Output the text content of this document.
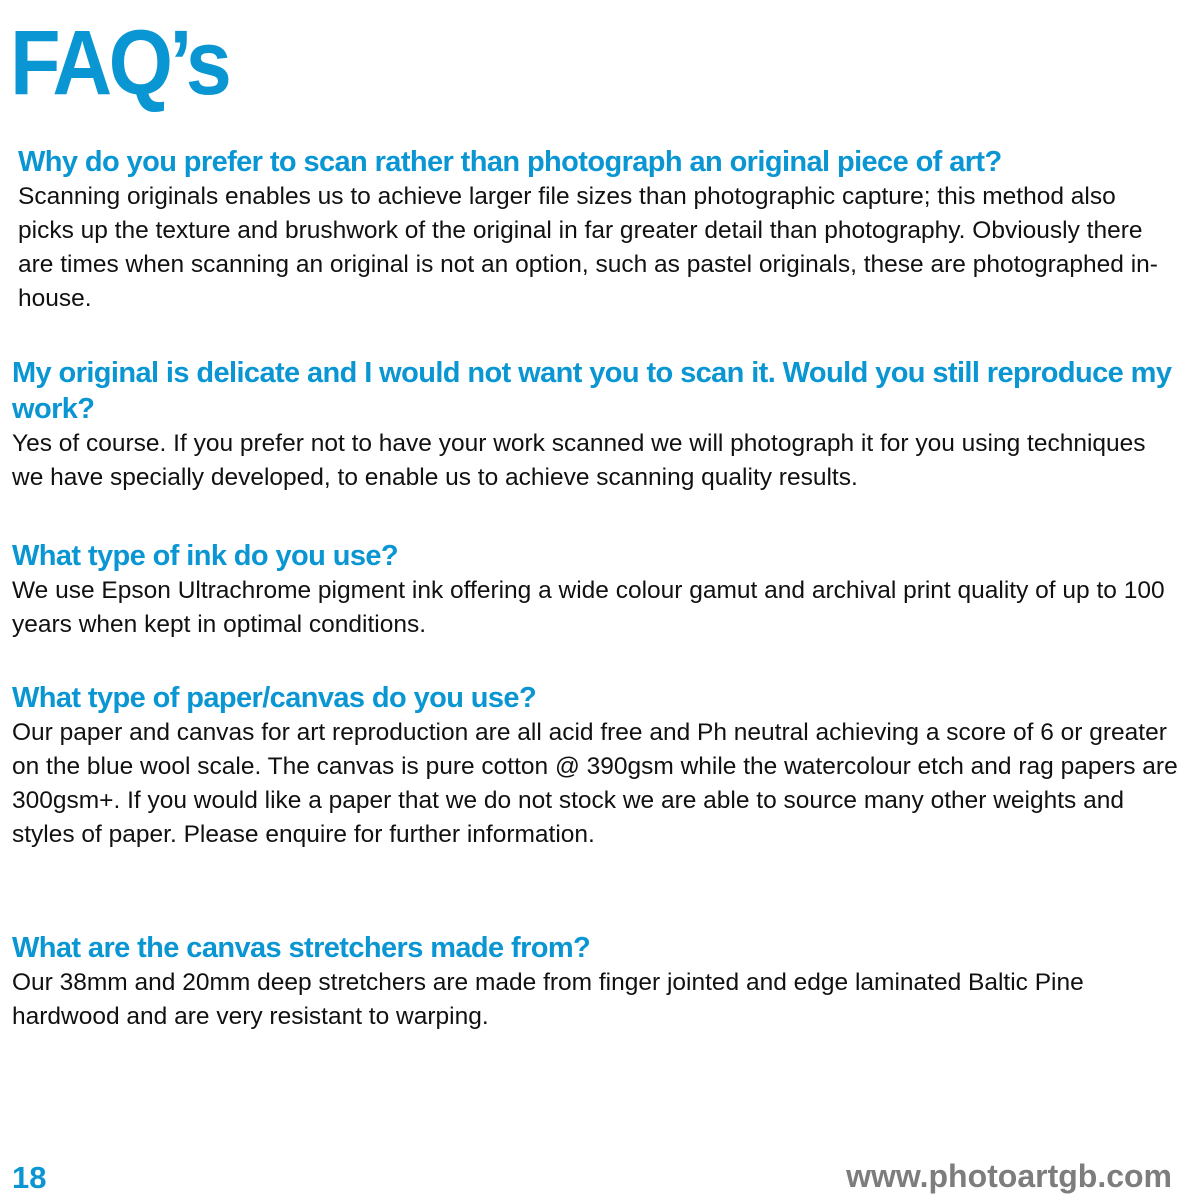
FAQ’s
Why do you prefer to scan rather than photograph an original piece of art?

Scanning originals enables us to achieve larger file sizes than photographic capture; this method also picks up the texture and brushwork of the original in far greater detail than photography. Obviously there are times when scanning an original is not an option, such as pastel originals, these are photographed in-house.

My original is delicate and I would not want you to scan it. Would you still reproduce my work?

Yes of course. If you prefer not to have your work scanned we will photograph it for you using techniques we have specially developed, to enable us to achieve scanning quality results.

What type of ink do you use?

We use Epson Ultrachrome pigment ink offering a wide colour gamut and archival print quality of up to 100 years when kept in optimal conditions.

What type of paper/canvas do you use?

Our paper and canvas for art reproduction are all acid free and Ph neutral achieving a score of 6 or greater on the blue wool scale. The canvas is pure cotton @ 390gsm while the watercolour etch and rag papers are 300gsm+. If you would like a paper that we do not stock we are able to source many other weights and styles of paper. Please enquire for further information.

What are the canvas stretchers made from?

Our 38mm and 20mm deep stretchers are made from finger jointed and edge laminated Baltic Pine hardwood and are very resistant to warping.

18	www.photoartgb.com
